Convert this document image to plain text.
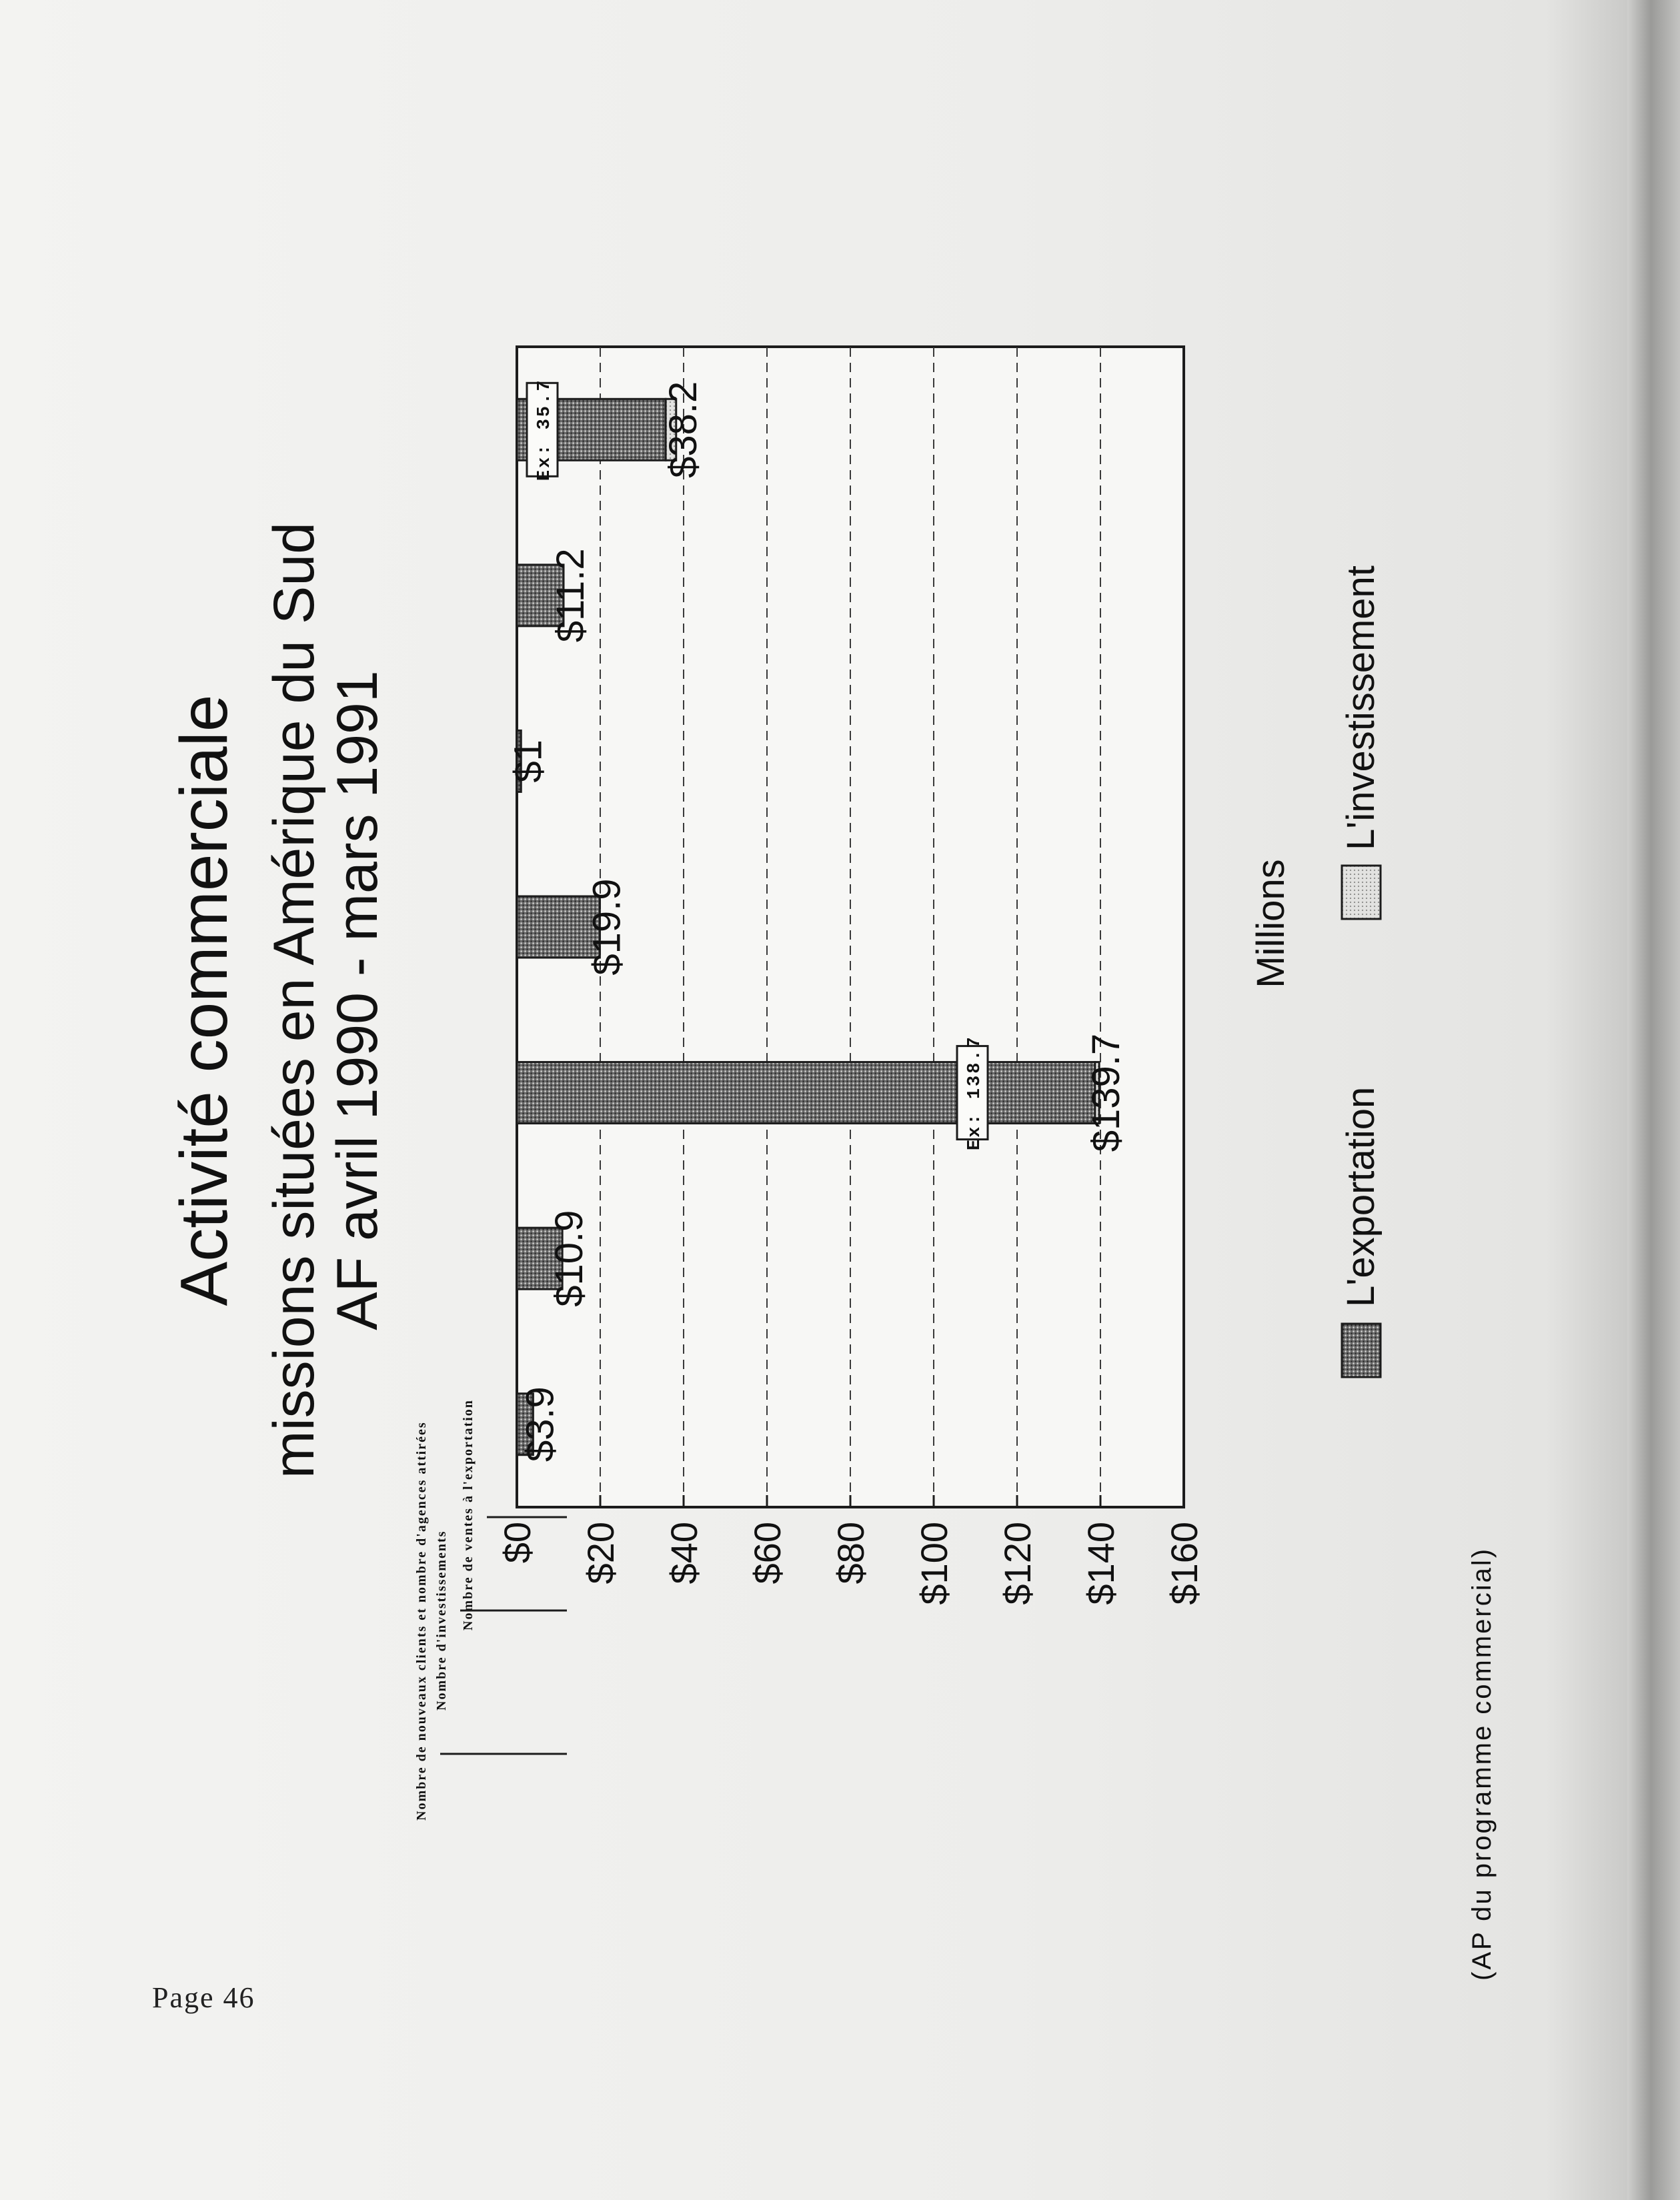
Activité commerciale missions situées en Amérique du Sud AF avril 1990 - mars 1991
Nombre de nouveaux clients et nombre d'agences attirées Nombre d'investissements Nombre de ventes à l'exportation
$38.2
$11.2
$1
$19.9
$139.7
$10.9
$3.9
Ex: 35.7
Ex: 138.7
$0 $20 $40 $60 $80 $100 $120 $140 $160
Millions
L'exportation
L'investissement
(AP du programme commercial)
Page 46
